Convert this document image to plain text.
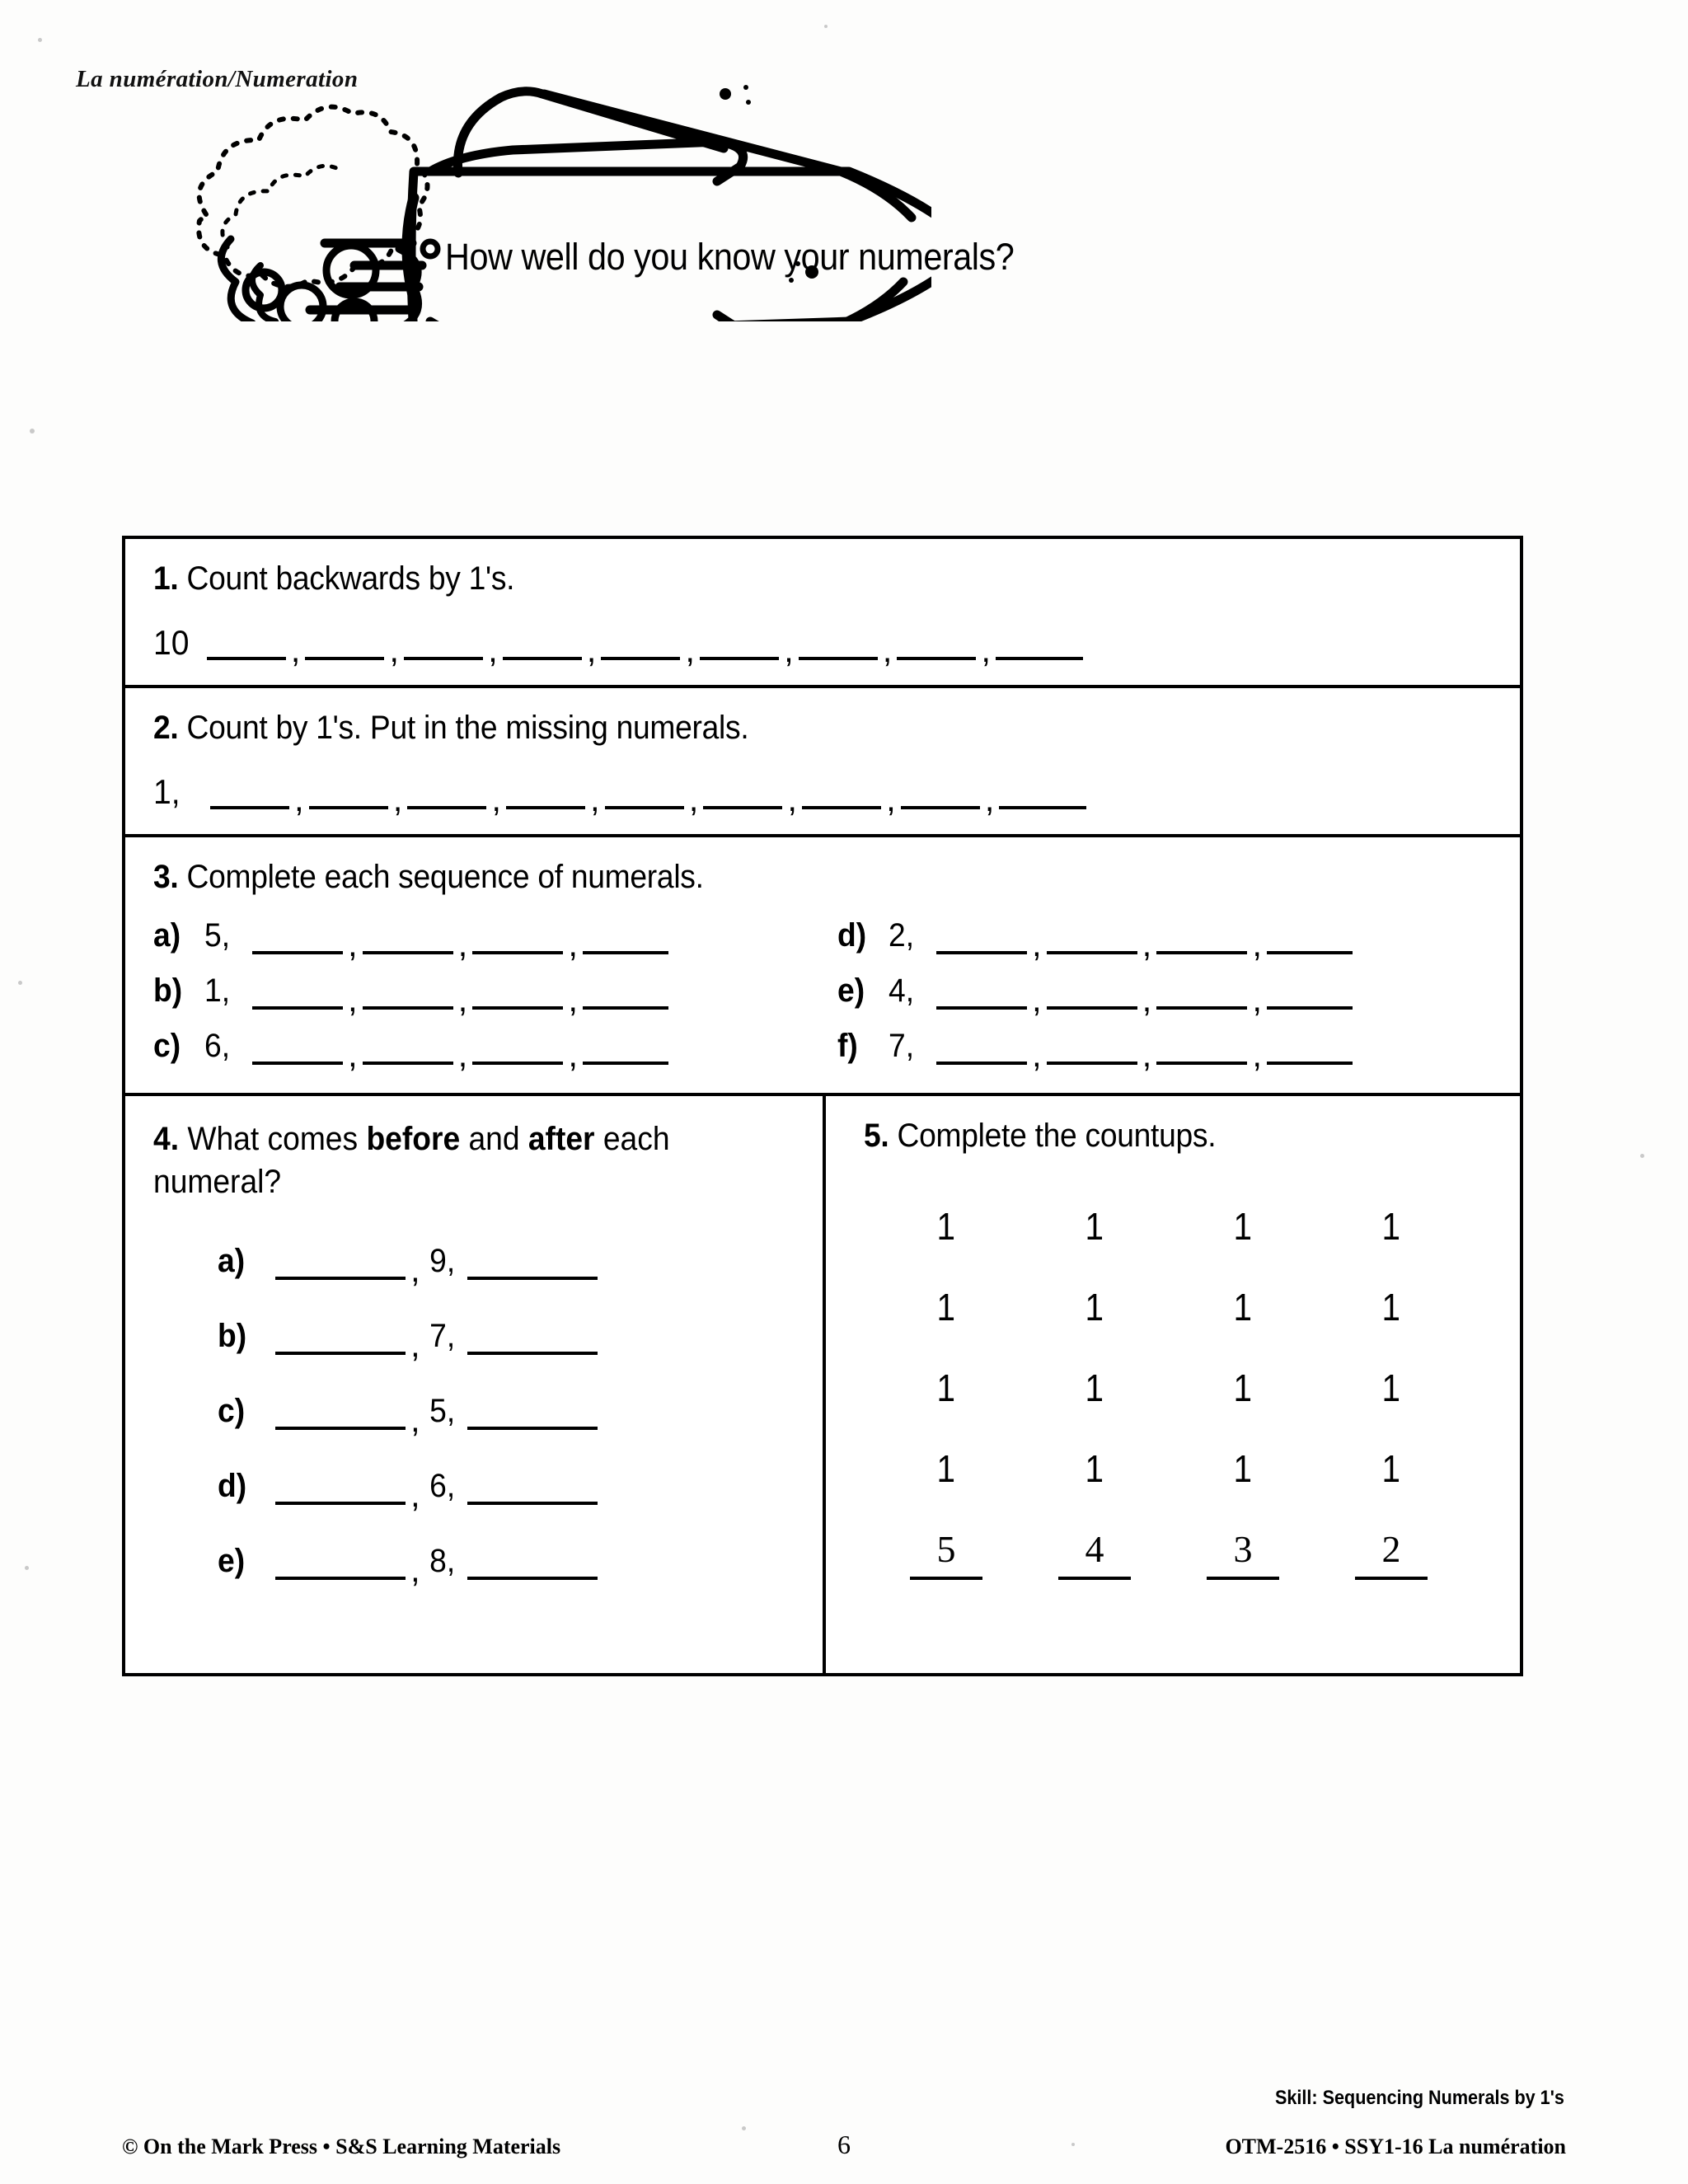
La numération/Numeration
How well do you know your numerals?
1. Count backwards by 1's.
10	,	,	,	,	,	,	,	,
2. Count by 1's. Put in the missing numerals.
1,	,	,	,	,	,	,	,	,
3. Complete each sequence of numerals.
a) 5,	,	,	,	d) 2,	,	,	,
b) 1,	,	,	,	e) 4,	,	,	,
c) 6,	,	,	,	f) 7,	,	,	,
4. What comes before and after each numeral?
a)	, 9,
b)	, 7,
c)	, 5,
d)	, 6,
e)	, 8,
5. Complete the countups.
1	1	1	1
1	1	1	1
1	1	1	1
1	1	1	1
5	4	3	2
Skill: Sequencing Numerals by 1's
© On the Mark Press • S&S Learning Materials	6	OTM-2516 • SSY1-16 La numération
